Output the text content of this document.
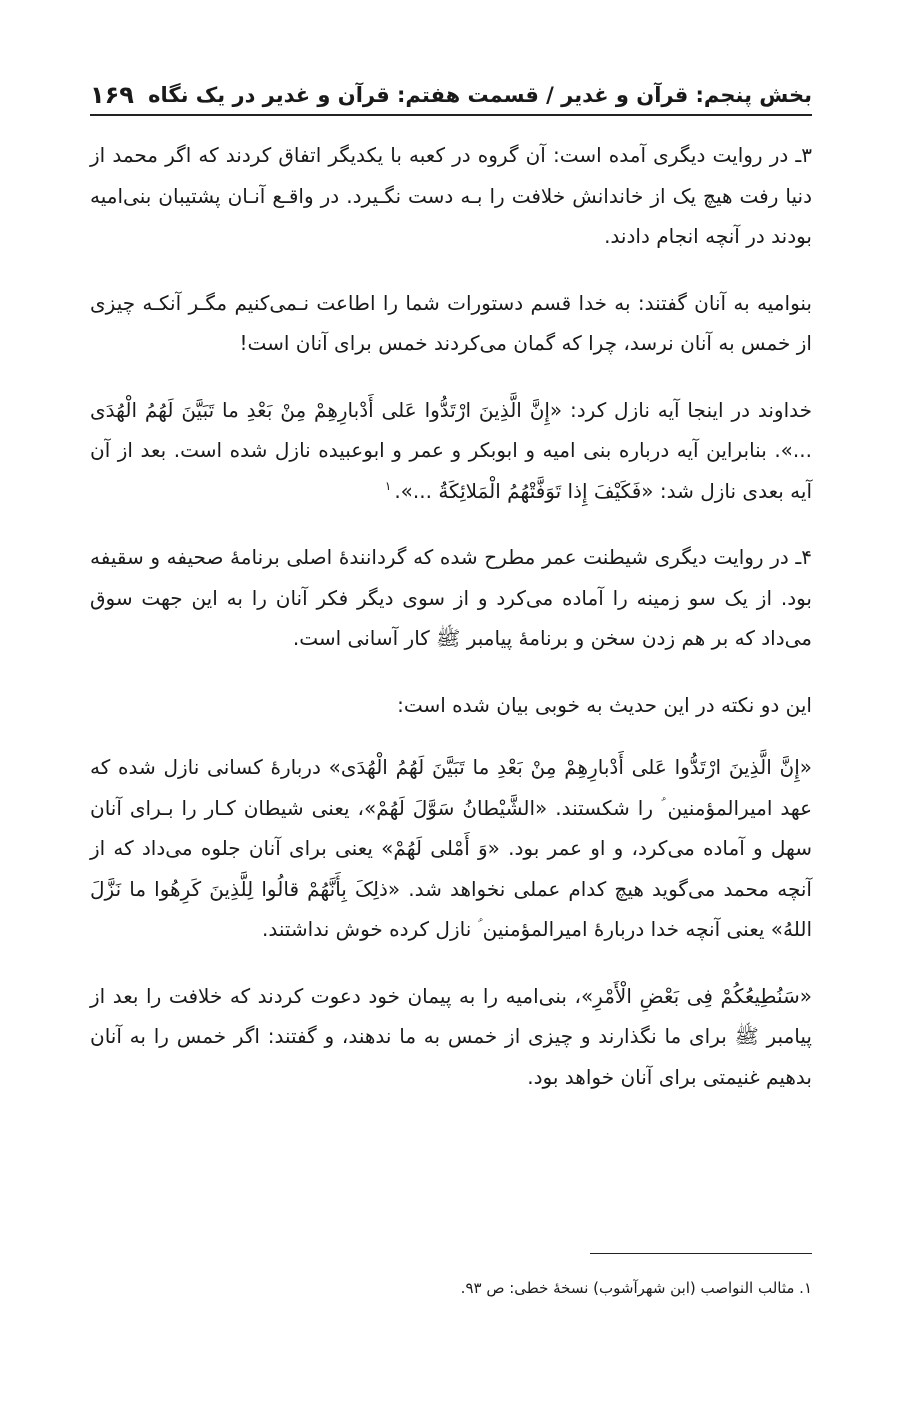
بخش پنجم: قرآن و غدیر / قسمت هفتم: قرآن و غدیر در یک نگاه
۱۶۹

۳ـ در روایت دیگری آمده است: آن گروه در کعبه با یکدیگر اتفاق کردند که اگر محمد از دنیا رفت هیچ یک از خاندانش خلافت را بـه دست نگـیرد. در واقـع آنـان پشتیبان بنی‌امیه بودند در آنچه انجام دادند.

بنوامیه به آنان گفتند: به خدا قسم دستورات شما را اطاعت نـمی‌کنیم مگـر آنکـه چیزی از خمس به آنان نرسد، چرا که گمان می‌کردند خمس برای آنان است!

خداوند در اینجا آیه نازل کرد: «إِنَّ الَّذِینَ ارْتَدُّوا عَلی أَدْبارِهِمْ مِنْ بَعْدِ ما تَبَیَّنَ لَهُمُ الْهُدَی ...». بنابراین آیه درباره بنی امیه و ابوبکر و عمر و ابوعبیده نازل شده است. بعد از آن آیه بعدی نازل شد: «فَکَیْفَ إِذا تَوَفَّتْهُمُ الْمَلائِکَةُ ...».$^۱$

۴ـ در روایت دیگری شیطنت عمر مطرح شده که گردانندهٔ اصلی برنامهٔ صحیفه و سقیفه بود. از یک سو زمینه را آماده می‌کرد و از سوی دیگر فکر آنان را به این جهت سوق می‌داد که بر هم زدن سخن و برنامهٔ پیامبر ﷺ کار آسانی است.

این دو نکته در این حدیث به خوبی بیان شده است:

«إِنَّ الَّذِینَ ارْتَدُّوا عَلی أَدْبارِهِمْ مِنْ بَعْدِ ما تَبَیَّنَ لَهُمُ الْهُدَی» دربارهٔ کسانی نازل شده که عهد امیرالمؤمنین ؑ را شکستند. «الشَّیْطانُ سَوَّلَ لَهُمْ»، یعنی شیطان کـار را بـرای آنان سهل و آماده می‌کرد، و او عمر بود. «وَ أَمْلی لَهُمْ» یعنی برای آنان جلوه می‌داد که از آنچه محمد می‌گوید هیچ کدام عملی نخواهد شد. «ذلِکَ بِأَنَّهُمْ قالُوا لِلَّذِینَ کَرِهُوا ما نَزَّلَ اللهُ» یعنی آنچه خدا دربارهٔ امیرالمؤمنین ؑ نازل کرده خوش نداشتند.

«سَنُطِیعُکُمْ فِی بَعْضِ الْأَمْرِ»، بنی‌امیه را به پیمان خود دعوت کردند که خلافت را بعد از پیامبر ﷺ برای ما نگذارند و چیزی از خمس به ما ندهند، و گفتند: اگر خمس را به آنان بدهیم غنیمتی برای آنان خواهد بود.

۱. مثالب النواصب (ابن شهرآشوب) نسخهٔ خطی: ص ۹۳.
